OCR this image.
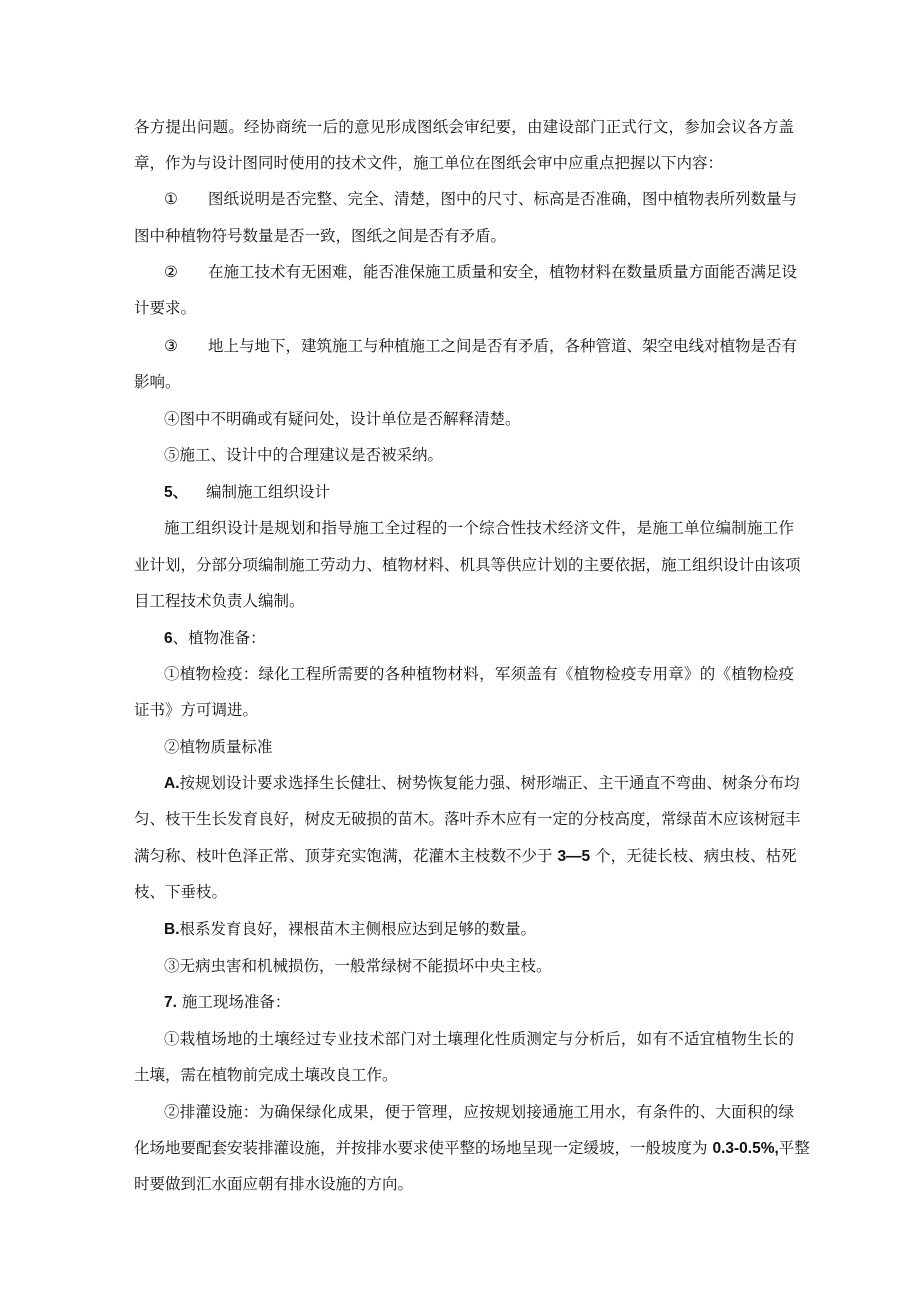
各方提出问题。经协商统一后的意见形成图纸会审纪要，由建设部门正式行文，参加会议各方盖
章，作为与设计图同时使用的技术文件，施工单位在图纸会审中应重点把握以下内容：
① 图纸说明是否完整、完全、清楚，图中的尺寸、标高是否准确，图中植物表所列数量与
图中种植物符号数量是否一致，图纸之间是否有矛盾。
② 在施工技术有无困难，能否准保施工质量和安全，植物材料在数量质量方面能否满足设
计要求。
③ 地上与地下，建筑施工与种植施工之间是否有矛盾，各种管道、架空电线对植物是否有
影响。
④图中不明确或有疑问处，设计单位是否解释清楚。
⑤施工、设计中的合理建议是否被采纳。
5、 编制施工组织设计
施工组织设计是规划和指导施工全过程的一个综合性技术经济文件，是施工单位编制施工作
业计划，分部分项编制施工劳动力、植物材料、机具等供应计划的主要依据，施工组织设计由该项
目工程技术负责人编制。
6、植物准备：
①植物检疫：绿化工程所需要的各种植物材料，军须盖有《植物检疫专用章》的《植物检疫
证书》方可调进。
②植物质量标准
A.按规划设计要求选择生长健壮、树势恢复能力强、树形端正、主干通直不弯曲、树条分布均
匀、枝干生长发育良好，树皮无破损的苗木。落叶乔木应有一定的分枝高度，常绿苗木应该树冠丰
满匀称、枝叶色泽正常、顶芽充实饱满，花灌木主枝数不少于 3—5 个，无徒长枝、病虫枝、枯死
枝、下垂枝。
B.根系发育良好，裸根苗木主侧根应达到足够的数量。
③无病虫害和机械损伤，一般常绿树不能损坏中央主枝。
7. 施工现场准备：
①栽植场地的土壤经过专业技术部门对土壤理化性质测定与分析后，如有不适宜植物生长的
土壤，需在植物前完成土壤改良工作。
②排灌设施：为确保绿化成果，便于管理，应按规划接通施工用水，有条件的、大面积的绿
化场地要配套安装排灌设施，并按排水要求使平整的场地呈现一定缓坡，一般坡度为 0.3-0.5%,平整
时要做到汇水面应朝有排水设施的方向。
